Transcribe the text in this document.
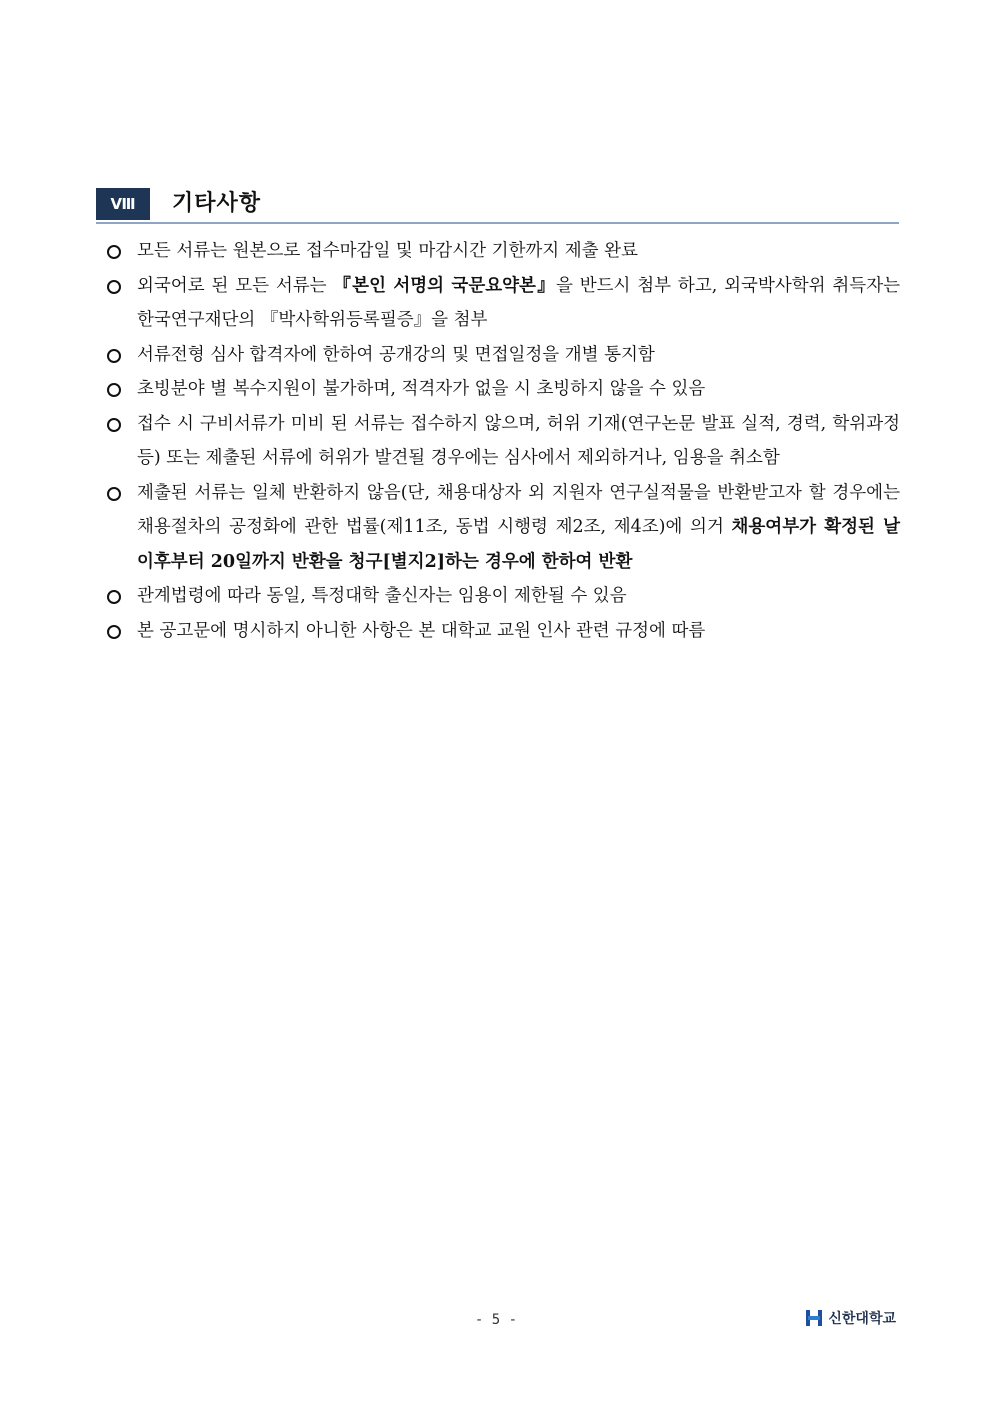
Ⅷ	기타사항
모든 서류는 원본으로 접수마감일 및 마감시간 기한까지 제출 완료
외국어로 된 모든 서류는 『본인 서명의 국문요약본』을 반드시 첨부 하고, 외국박사학위 취득자는 한국연구재단의 『박사학위등록필증』을 첨부
서류전형 심사 합격자에 한하여 공개강의 및 면접일정을 개별 통지함
초빙분야 별 복수지원이 불가하며, 적격자가 없을 시 초빙하지 않을 수 있음
접수 시 구비서류가 미비 된 서류는 접수하지 않으며, 허위 기재(연구논문 발표 실적, 경력, 학위과정 등) 또는 제출된 서류에 허위가 발견될 경우에는 심사에서 제외하거나, 임용을 취소함
제출된 서류는 일체 반환하지 않음(단, 채용대상자 외 지원자 연구실적물을 반환받고자 할 경우에는 채용절차의 공정화에 관한 법률(제11조, 동법 시행령 제2조, 제4조)에 의거 채용여부가 확정된 날 이후부터 20일까지 반환을 청구[별지2]하는 경우에 한하여 반환
관계법령에 따라 동일, 특정대학 출신자는 임용이 제한될 수 있음
본 공고문에 명시하지 아니한 사항은 본 대학교 교원 인사 관련 규정에 따름
- 5 -	신한대학교
